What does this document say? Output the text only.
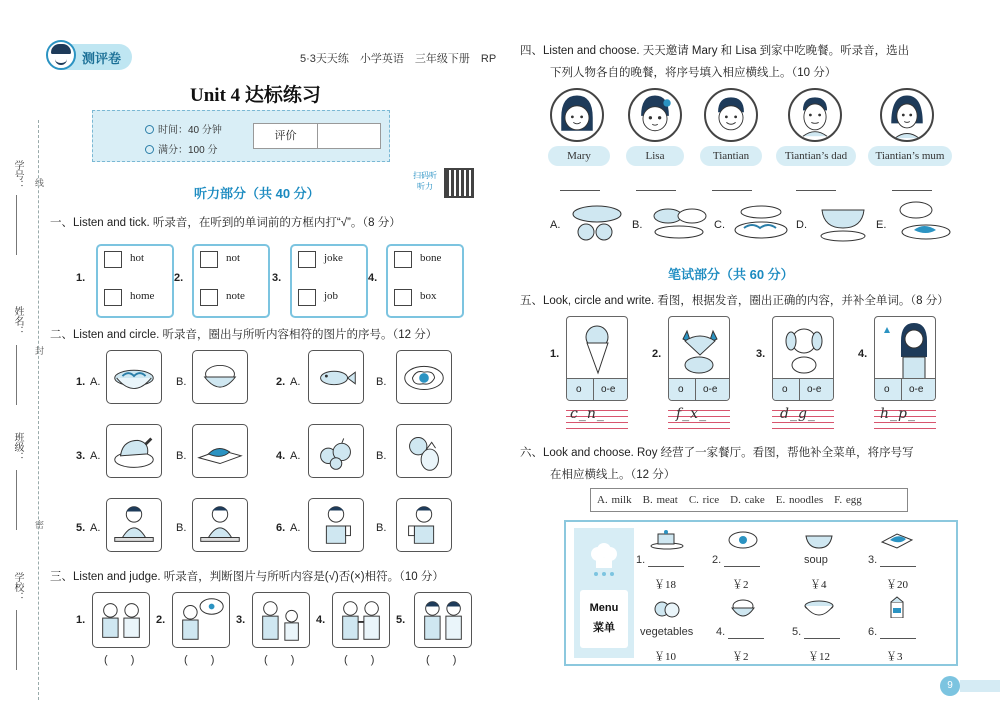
学号：
姓名：
班级：
学校：
线
封
密
测评卷	5·3天天练　小学英语　三年级下册　RP
Unit 4 达标练习
时间：40 分钟
满分：100 分
评价
听力部分（共 40 分）
扫码听听力
一、Listen and tick. 听录音，在听到的单词前的方框内打“√”。（8 分）
1.
hot
home
2.
not
note
3.
joke
job
4.
bone
box
二、Listen and circle. 听录音，圈出与所听内容相符的图片的序号。（12 分）
1. A.	B.	2. A.	B.
3. A.	B.	4. A.	B.
5. A.	B.	6. A.	B.
三、Listen and judge. 听录音，判断图片与所听内容是(√)否(×)相符。（10 分）
1.
( )
2.
( )
3.
( )
4.
( )
5.
( )
四、Listen and choose. 天天邀请 Mary 和 Lisa 到家中吃晚餐。听录音，选出
下列人物各自的晚餐，将序号填入相应横线上。（10 分）
Mary	Lisa	Tiantian	Tiantian’s dad	Tiantian’s mum
A.	B.	C.	D.	E.
笔试部分（共 60 分）
五、Look, circle and write. 看图，根据发音，圈出正确的内容，并补全单词。（8 分）
1.
o o-e
c_n_
2.
o o-e
f_x_
3.
o o-e
d_g_
4.
o o-e
h_p_
六、Look and choose. Roy 经营了一家餐厅。看图，帮他补全菜单，将序号写
在相应横线上。（12 分）
A. milk　B. meat　C. rice　D. cake　E. noodles　F. egg
Menu
菜单
1.
￥18
2.
￥2
soup
￥4
3.
￥20
vegetables
￥10
4.
￥2
5.
￥12
6.
￥3
9
